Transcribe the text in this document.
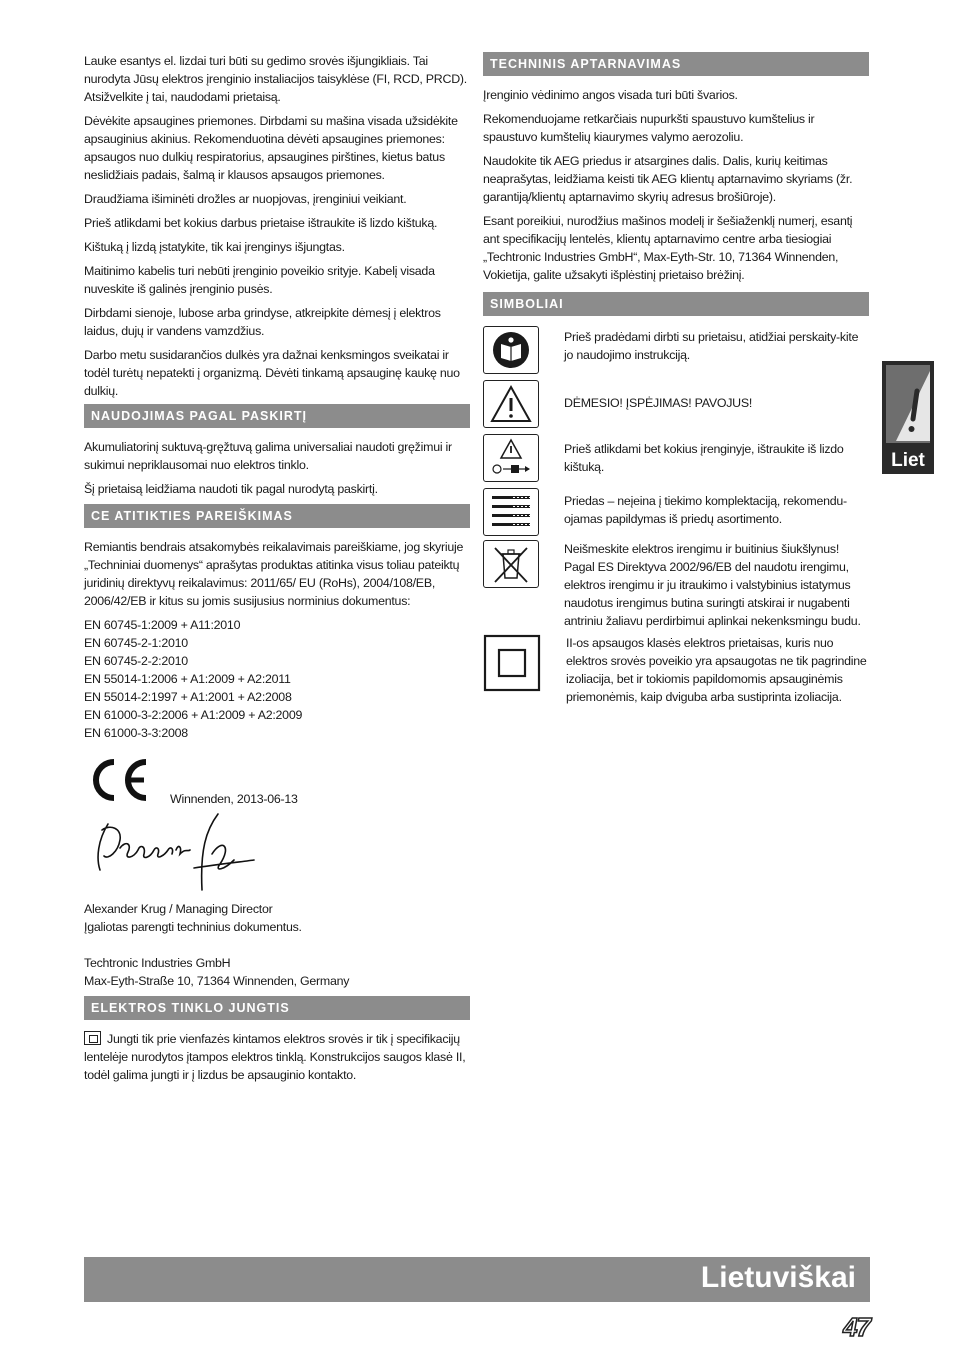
Lauke esantys el. lizdai turi būti su gedimo srovės išjungikliais. Tai nurodyta Jūsų elektros įrenginio instaliacijos taisyklėse (FI, RCD, PRCD). Atsižvelkite į tai, naudodami prietaisą.

Dėvėkite apsaugines priemones. Dirbdami su mašina visada užsidėkite apsauginius akinius. Rekomenduotina dėvėti apsaugines priemones: apsaugos nuo dulkių respiratorius, apsaugines pirštines, kietus batus neslidžiais padais, šalmą ir klausos apsaugos priemones.

Draudžiama išiminėti drožles ar nuopjovas, įrenginiui veikiant.

Prieš atlikdami bet kokius darbus prietaise ištraukite iš lizdo kištuką.

Kištuką į lizdą įstatykite, tik kai įrenginys išjungtas.

Maitinimo kabelis turi nebūti įrenginio poveikio srityje. Kabelį visada nuveskite iš galinės įrenginio pusės.

Dirbdami sienoje, lubose arba grindyse, atkreipkite dėmesį į elektros laidus, dujų ir vandens vamzdžius.

Darbo metu susidarančios dulkės yra dažnai kenksmingos sveikatai ir todėl turėtų nepatekti į organizmą. Dėvėti tinkamą apsauginę kaukę nuo dulkių.

NAUDOJIMAS PAGAL PASKIRTĮ

Akumuliatorinį suktuvą-gręžtuvą galima universaliai naudoti gręžimui ir sukimui nepriklausomai nuo elektros tinklo.

Šį prietaisą leidžiama naudoti tik pagal nurodytą paskirtį.

CE ATITIKTIES PAREIŠKIMAS

Remiantis bendrais atsakomybės reikalavimais pareiškiame, jog skyriuje „Techniniai duomenys“ aprašytas produktas atitinka visus toliau pateiktų juridinių direktyvų reikalavimus: 2011/65/ EU (RoHs), 2004/108/EB, 2006/42/EB ir kitus su jomis susijusius norminius dokumentus:

EN 60745-1:2009 + A11:2010
EN 60745-2-1:2010
EN 60745-2-2:2010
EN 55014-1:2006 + A1:2009 + A2:2011
EN 55014-2:1997 + A1:2001 + A2:2008
EN 61000-3-2:2006 + A1:2009 + A2:2009
EN 61000-3-3:2008

Winnenden, 2013-06-13

Alexander Krug / Managing Director
Įgaliotas parengti techninius dokumentus.

Techtronic Industries GmbH
Max-Eyth-Straße 10, 71364 Winnenden, Germany

ELEKTROS TINKLO JUNGTIS

Jungti tik prie vienfazės kintamos elektros srovės ir tik į specifikacijų lentelėje nurodytos įtampos elektros tinklą. Konstrukcijos saugos klasė II, todėl galima jungti ir į lizdus be apsauginio kontakto.

TECHNINIS APTARNAVIMAS

Įrenginio vėdinimo angos visada turi būti švarios.

Rekomenduojame retkarčiais nupurkšti spaustuvo kumštelius ir spaustuvo kumštelių kiaurymes valymo aerozoliu.

Naudokite tik AEG priedus ir atsargines dalis. Dalis, kurių keitimas neaprašytas, leidžiama keisti tik AEG klientų aptarnavimo skyriams (žr. garantiją/klientų aptarnavimo skyrių adresus brošiūroje).

Esant poreikiui, nurodžius mašinos modelį ir šešiaženklį numerį, esantį ant specifikacijų lentelės, klientų aptarnavimo centre arba tiesiogiai „Techtronic Industries GmbH“, Max-Eyth-Str. 10, 71364 Winnenden, Vokietija, galite užsakyti išplėstinį prietaiso brėžinį.

SIMBOLIAI
Prieš pradėdami dirbti su prietaisu, atidžiai perskaity-kite jo naudojimo instrukciją.
DĖMESIO! ĮSPĖJIMAS! PAVOJUS!
Prieš atlikdami bet kokius įrenginyje, ištraukite iš lizdo kištuką.
Priedas – neįeina į tiekimo komplektaciją, rekomendu-ojamas papildymas iš priedų asortimento.
Neišmeskite elektros irengimu ir buitinius šiukšlynus! Pagal ES Direktyva 2002/96/EB del naudotu irengimu, elektros irengimu ir ju itraukimo i valstybinius istatymus naudotus irengimus butina suringti atskirai ir nugabenti antriniu žaliavu perdirbimui aplinkai nekenksmingu budu.
II-os apsaugos klasės elektros prietaisas, kuris nuo elektros srovės poveikio yra apsaugotas ne tik pagrindine izoliacija, bet ir tokiomis papildomomis apsauginėmis priemonėmis, kaip dviguba arba sustiprinta izoliacija.
Liet
Lietuviškai
47
